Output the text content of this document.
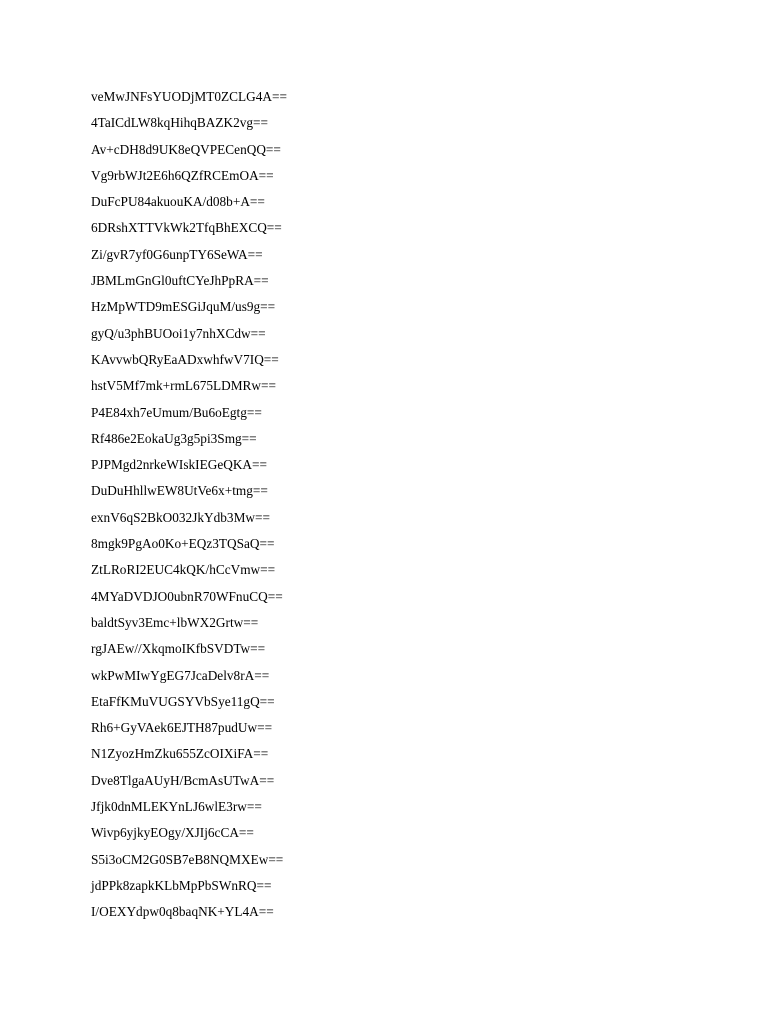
veMwJNFsYUODjMT0ZCLG4A==
4TaICdLW8kqHihqBAZK2vg==
Av+cDH8d9UK8eQVPECenQQ==
Vg9rbWJt2E6h6QZfRCEmOA==
DuFcPU84akuouKA/d08b+A==
6DRshXTTVkWk2TfqBhEXCQ==
Zi/gvR7yf0G6unpTY6SeWA==
JBMLmGnGl0uftCYeJhPpRA==
HzMpWTD9mESGiJquM/us9g==
gyQ/u3phBUOoi1y7nhXCdw==
KAvvwbQRyEaADxwhfwV7IQ==
hstV5Mf7mk+rmL675LDMRw==
P4E84xh7eUmum/Bu6oEgtg==
Rf486e2EokaUg3g5pi3Smg==
PJPMgd2nrkeWIskIEGeQKA==
DuDuHhllwEW8UtVe6x+tmg==
exnV6qS2BkO032JkYdb3Mw==
8mgk9PgAo0Ko+EQz3TQSaQ==
ZtLRoRI2EUC4kQK/hCcVmw==
4MYaDVDJO0ubnR70WFnuCQ==
baldtSyv3Emc+lbWX2Grtw==
rgJAEw//XkqmoIKfbSVDTw==
wkPwMIwYgEG7JcaDelv8rA==
EtaFfKMuVUGSYVbSye11gQ==
Rh6+GyVAek6EJTH87pudUw==
N1ZyozHmZku655ZcOIXiFA==
Dve8TlgaAUyH/BcmAsUTwA==
Jfjk0dnMLEKYnLJ6wlE3rw==
Wivp6yjkyEOgy/XJIj6cCA==
S5i3oCM2G0SB7eB8NQMXEw==
jdPPk8zapkKLbMpPbSWnRQ==
I/OEXYdpw0q8baqNK+YL4A==
